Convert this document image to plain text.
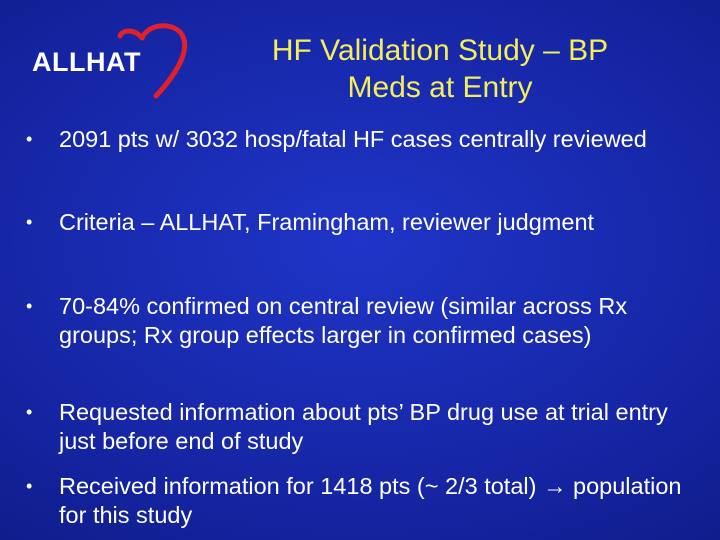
ALLHAT	HF Validation Study – BP
Meds at Entry
• 2091 pts w/ 3032 hosp/fatal HF cases centrally reviewed
• Criteria – ALLHAT, Framingham, reviewer judgment
• 70-84% confirmed on central review (similar across Rx groups; Rx group effects larger in confirmed cases)
• Requested information about pts’ BP drug use at trial entry just before end of study
• Received information for 1418 pts (~ 2/3 total) → population for this study
